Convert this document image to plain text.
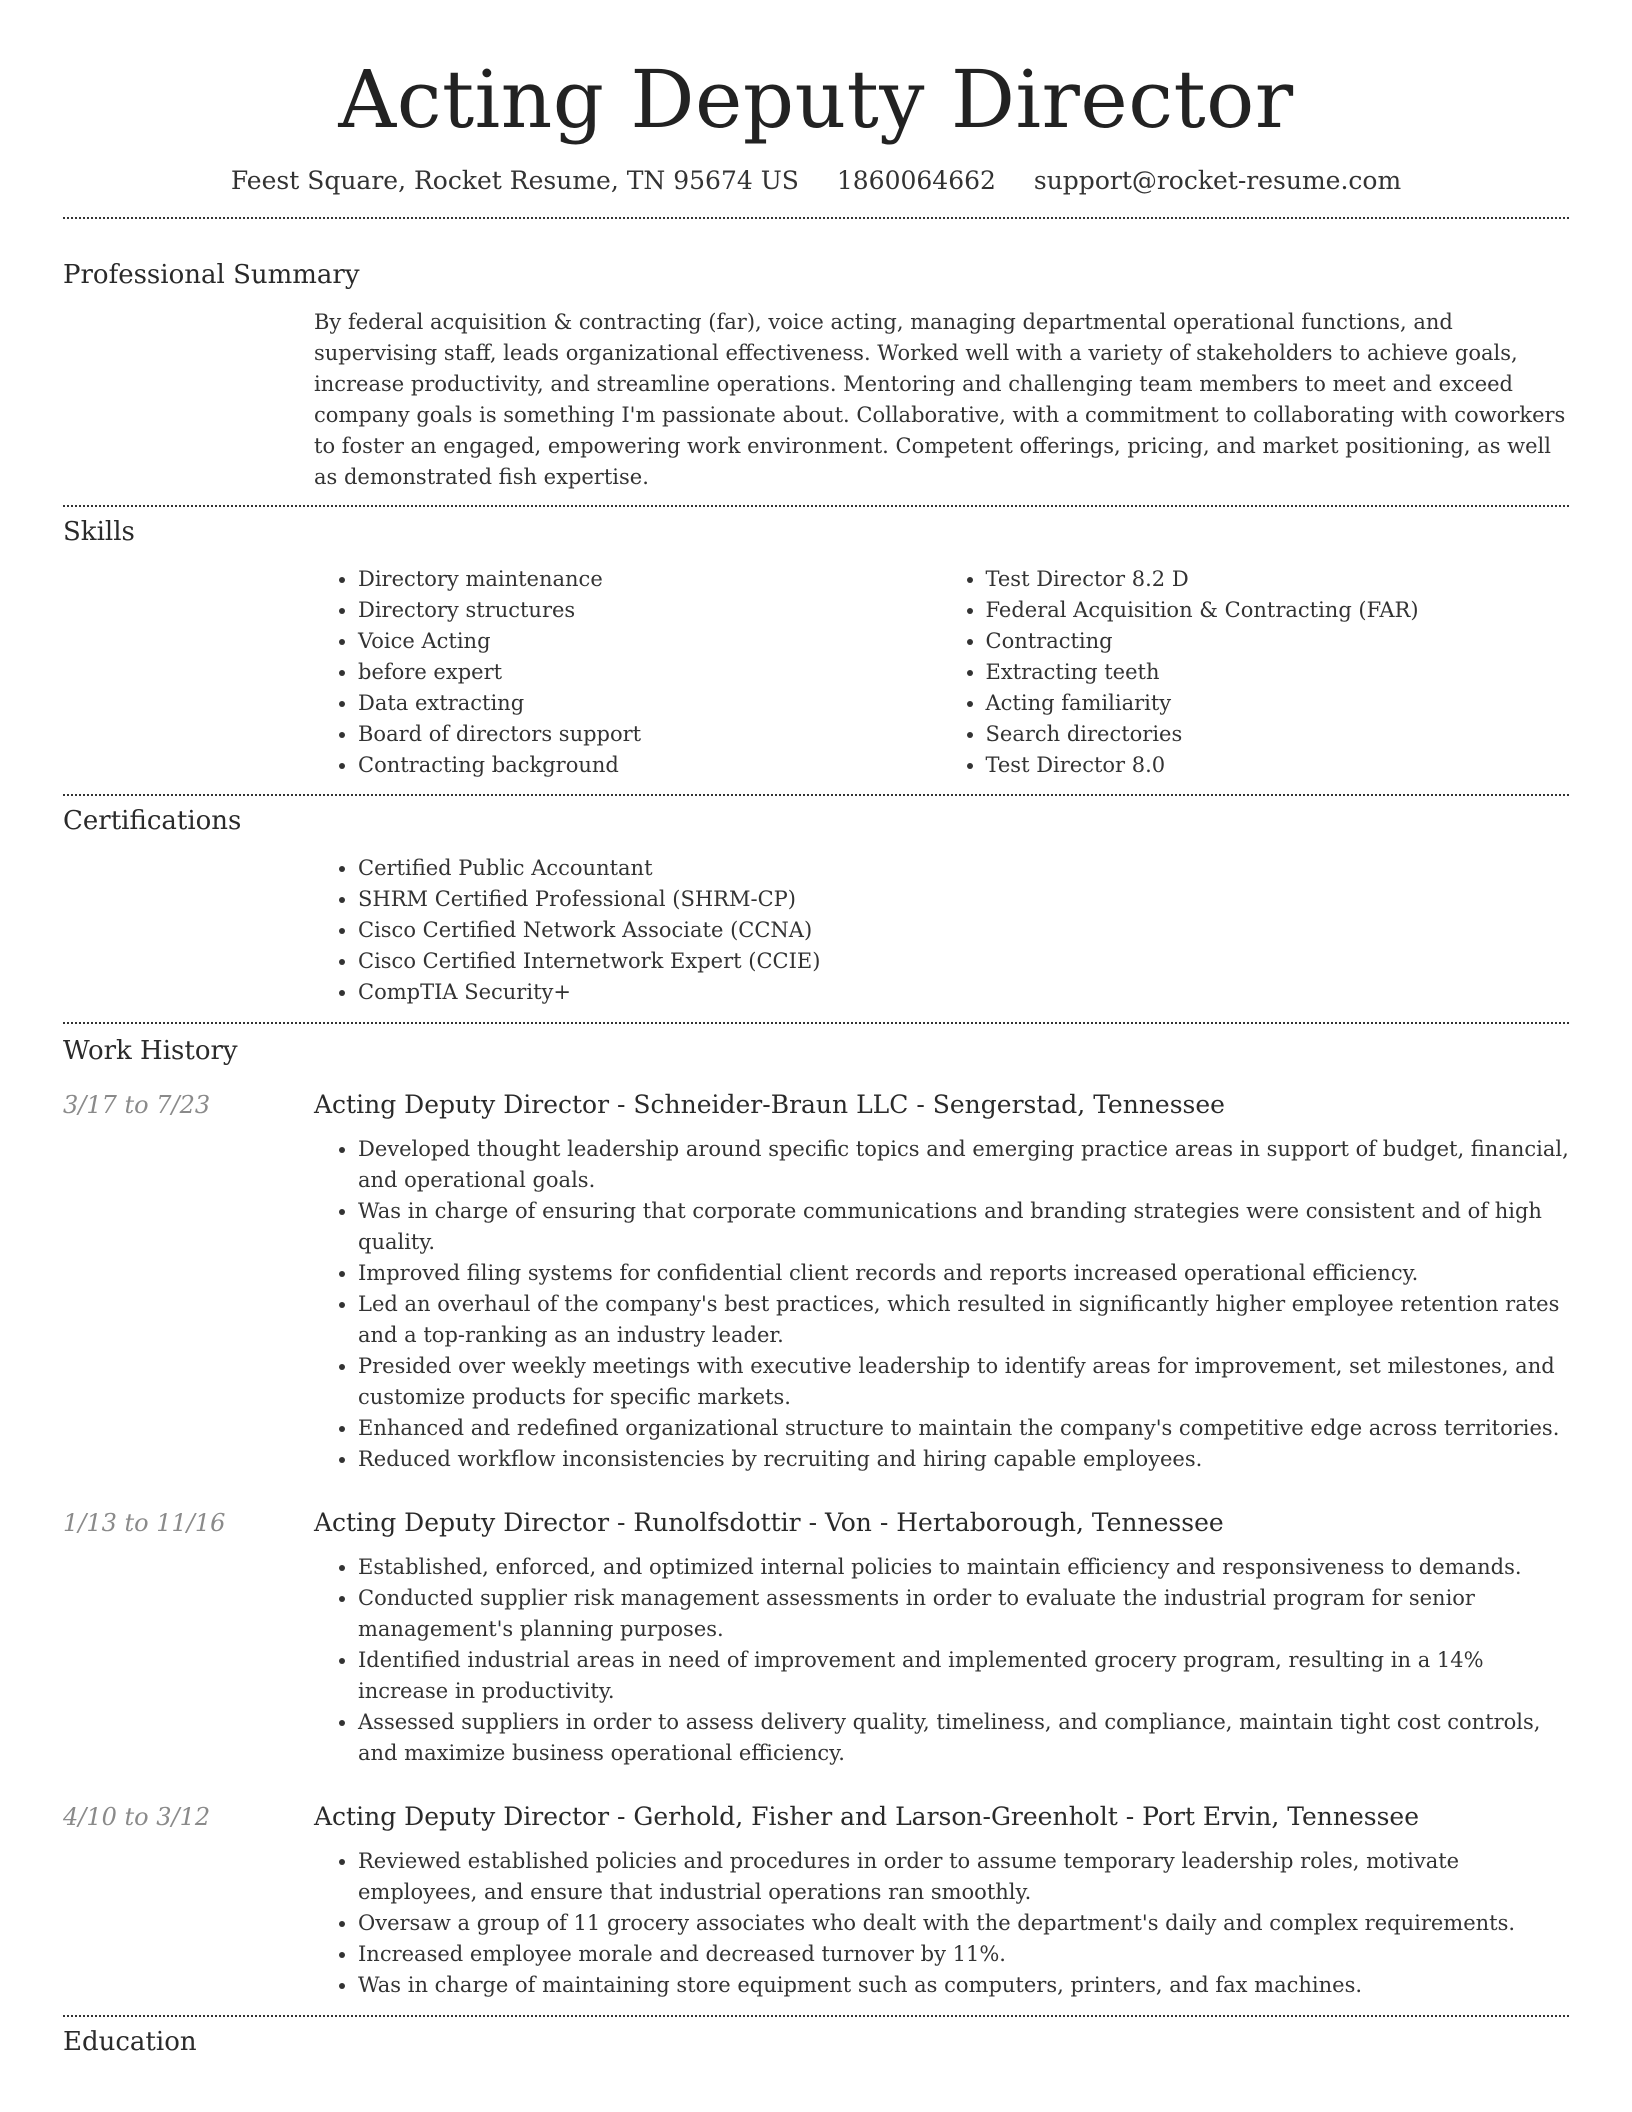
Acting Deputy Director
Feest Square, Rocket Resume, TN 95674 US 1860064662 support@rocket-resume.com
Professional Summary
By federal acquisition & contracting (far), voice acting, managing departmental operational functions, and supervising staff, leads organizational effectiveness. Worked well with a variety of stakeholders to achieve goals, increase productivity, and streamline operations. Mentoring and challenging team members to meet and exceed company goals is something I'm passionate about. Collaborative, with a commitment to collaborating with coworkers to foster an engaged, empowering work environment. Competent offerings, pricing, and market positioning, as well as demonstrated fish expertise.
Skills
• Directory maintenance
• Directory structures
• Voice Acting
• before expert
• Data extracting
• Board of directors support
• Contracting background
• Test Director 8.2 D
• Federal Acquisition & Contracting (FAR)
• Contracting
• Extracting teeth
• Acting familiarity
• Search directories
• Test Director 8.0
Certifications
• Certified Public Accountant
• SHRM Certified Professional (SHRM-CP)
• Cisco Certified Network Associate (CCNA)
• Cisco Certified Internetwork Expert (CCIE)
• CompTIA Security+
Work History
3/17 to 7/23	Acting Deputy Director - Schneider-Braun LLC - Sengerstad, Tennessee
• Developed thought leadership around specific topics and emerging practice areas in support of budget, financial, and operational goals.
• Was in charge of ensuring that corporate communications and branding strategies were consistent and of high quality.
• Improved filing systems for confidential client records and reports increased operational efficiency.
• Led an overhaul of the company's best practices, which resulted in significantly higher employee retention rates and a top-ranking as an industry leader.
• Presided over weekly meetings with executive leadership to identify areas for improvement, set milestones, and customize products for specific markets.
• Enhanced and redefined organizational structure to maintain the company's competitive edge across territories.
• Reduced workflow inconsistencies by recruiting and hiring capable employees.
1/13 to 11/16	Acting Deputy Director - Runolfsdottir - Von - Hertaborough, Tennessee
• Established, enforced, and optimized internal policies to maintain efficiency and responsiveness to demands.
• Conducted supplier risk management assessments in order to evaluate the industrial program for senior management's planning purposes.
• Identified industrial areas in need of improvement and implemented grocery program, resulting in a 14% increase in productivity.
• Assessed suppliers in order to assess delivery quality, timeliness, and compliance, maintain tight cost controls, and maximize business operational efficiency.
4/10 to 3/12	Acting Deputy Director - Gerhold, Fisher and Larson-Greenholt - Port Ervin, Tennessee
• Reviewed established policies and procedures in order to assume temporary leadership roles, motivate employees, and ensure that industrial operations ran smoothly.
• Oversaw a group of 11 grocery associates who dealt with the department's daily and complex requirements.
• Increased employee morale and decreased turnover by 11%.
• Was in charge of maintaining store equipment such as computers, printers, and fax machines.
Education
